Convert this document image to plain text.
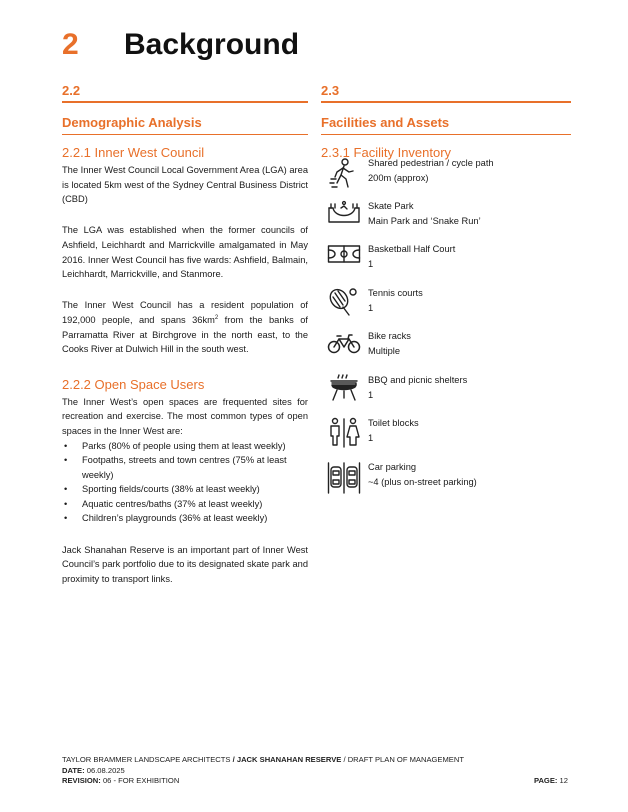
2 Background
2.2
Demographic Analysis
2.2.1 Inner West Council

The Inner West Council Local Government Area (LGA) area is located 5km west of the Sydney Central Business District (CBD)

The LGA was established when the former councils of Ashfield, Leichhardt and Marrickville amalgamated in May 2016. Inner West Council has five wards: Ashfield, Balmain, Leichhardt, Marrickville, and Stanmore.

The Inner West Council has a resident population of 192,000 people, and spans $36km^2$ from the banks of Parramatta River at Birchgrove in the north east, to the Cooks River at Dulwich Hill in the south west.

2.2.2 Open Space Users

The Inner West’s open spaces are frequented sites for recreation and exercise. The most common types of open spaces in the Inner West are:

• Parks (80% of people using them at least weekly)
• Footpaths, streets and town centres (75% at least weekly)
• Sporting fields/courts (38% at least weekly)
• Aquatic centres/baths (37% at least weekly)
• Children’s playgrounds (36% at least weekly)

Jack Shanahan Reserve is an important part of Inner West Council’s park portfolio due to its designated skate park and proximity to transport links.

2.3
Facilities and Assets
2.3.1 Facility Inventory
Shared pedestrian / cycle path
200m (approx)
Skate Park
Main Park and ‘Snake Run’
Basketball Half Court
1
Tennis courts
1
Bike racks
Multiple
BBQ and picnic shelters
1
Toilet blocks
1
Car parking
~4 (plus on-street parking)
TAYLOR BRAMMER LANDSCAPE ARCHITECTS / JACK SHANAHAN RESERVE / DRAFT PLAN OF MANAGEMENT
DATE: 06.08.2025
REVISION: 06 - FOR EXHIBITION	PAGE: 12
